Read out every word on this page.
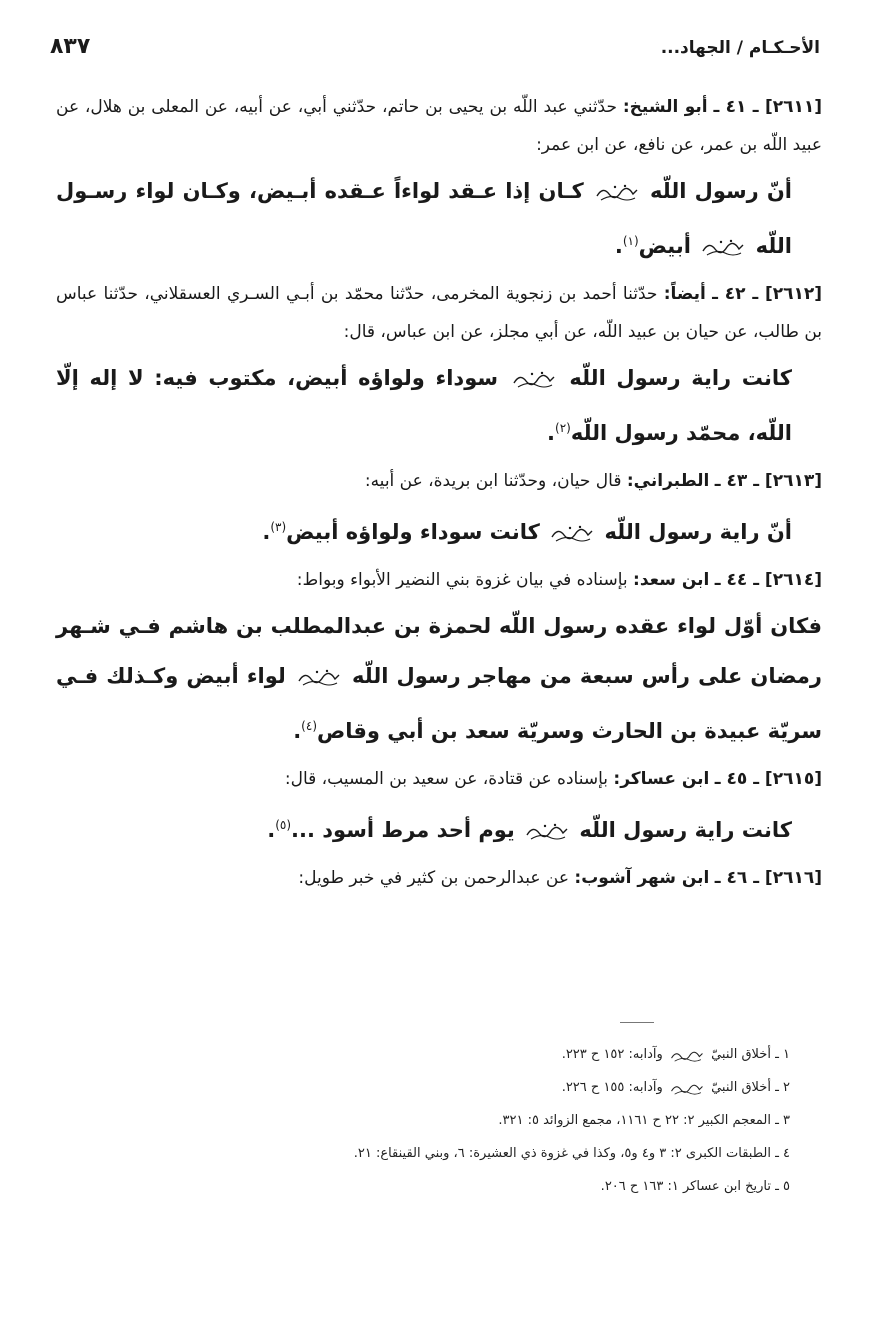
٨٣٧	الأحـكـام / الجهاد...

[٢٦١١] ـ ٤١ ـ أبو الشيخ: حدّثني عبد اللّه بن يحيى بن حاتم، حدّثني أبي، عن أبيه، عن المعلى بن هلال، عن عبيد اللّه بن عمر، عن نافع، عن ابن عمر:

أنّ رسول اللّه
كـان إذا عـقد لواءاً عـقده أبـيض، وكـان لواء رسـول اللّه
أبيض$^{(١)}$.

[٢٦١٢] ـ ٤٢ ـ أيضاً: حدّثنا أحمد بن زنجوية المخرمى، حدّثنا محمّد بن أبـي السـري العسقلاني، حدّثنا عباس بن طالب، عن حيان بن عبيد اللّه، عن أبي مجلز، عن ابن عباس، قال:

كانت راية رسول اللّه
سوداء ولواؤه أبيض، مكتوب فيه: لا إله إلّا اللّه، محمّد رسول اللّه$^{(٢)}$.

[٢٦١٣] ـ ٤٣ ـ الطبراني: قال حيان، وحدّثنا ابن بريدة، عن أبيه:

أنّ راية رسول اللّه
كانت سوداء ولواؤه أبيض$^{(٣)}$.

[٢٦١٤] ـ ٤٤ ـ ابن سعد: بإسناده في بيان غزوة بني النضير الأبواء وبواط:

فكان أوّل لواء عقده رسول اللّه لحمزة بن عبدالمطلب بن هاشم فـي شـهر رمضان على رأس سبعة من مهاجر رسول اللّه
لواء أبيض وكـذلك فـي سريّة عبيدة بن الحارث وسريّة سعد بن أبي وقاص$^{(٤)}$.

[٢٦١٥] ـ ٤٥ ـ ابن عساكر: بإسناده عن قتادة، عن سعيد بن المسيب، قال:

كانت راية رسول اللّه
يوم أحد مرط أسود ...$^{(٥)}$.

[٢٦١٦] ـ ٤٦ ـ ابن شهر آشوب: عن عبدالرحمن بن كثير في خبر طويل:

١ ـ أخلاق النبيّ
وآدابه: ١٥٢ ح ٢٢٣.

٢ ـ أخلاق النبيّ
وآدابه: ١٥٥ ح ٢٢٦.

٣ ـ المعجم الكبير ٢: ٢٢ ح ١١٦١، مجمع الزوائد ٥: ٣٢١.

٤ ـ الطبقات الكبرى ٢: ٣ و٤ و٥، وكذا في غزوة ذي العشيرة: ٦، وبني القينقاع: ٢١.

٥ ـ تاريخ ابن عساكر ١: ١٦٣ ح ٢٠٦.
